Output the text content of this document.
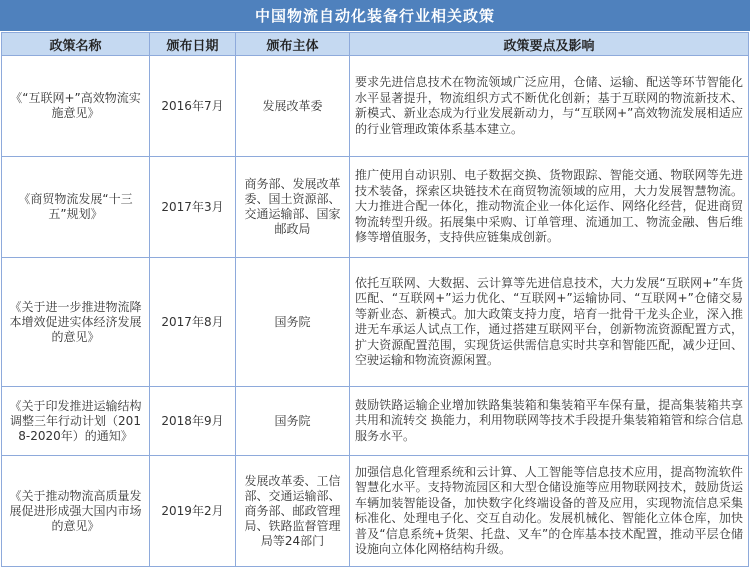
中国物流自动化装备行业相关政策
政策名称	颁布日期	颁布主体	政策要点及影响
《“互联网+”高效物流实施意见》	2016年7月	发展改革委	要求先进信息技术在物流领域广泛应用，仓储、运输、配送等环节智能化水平显著提升，物流组织方式不断优化创新；基于互联网的物流新技术、新模式、新业态成为行业发展新动力，与“互联网+”高效物流发展相适应的行业管理政策体系基本建立。
《商贸物流发展“十三五”规划》	2017年3月	商务部、发展改革委、国土资源部、交通运输部、国家邮政局	推广使用自动识别、电子数据交换、货物跟踪、智能交通、物联网等先进技术装备，探索区块链技术在商贸物流领域的应用，大力发展智慧物流。大力推进合配一体化，推动物流企业一体化运作、网络化经营，促进商贸物流转型升级。拓展集中采购、订单管理、流通加工、物流金融、售后维修等增值服务，支持供应链集成创新。
《关于进一步推进物流降本增效促进实体经济发展的意见》	2017年8月	国务院	依托互联网、大数据、云计算等先进信息技术，大力发展“互联网+”车货匹配、“互联网+”运力优化、“互联网+”运输协同、“互联网+”仓储交易等新业态、新模式。加大政策支持力度，培育一批骨干龙头企业，深入推进无车承运人试点工作，通过搭建互联网平台，创新物流资源配置方式，扩大资源配置范围，实现货运供需信息实时共享和智能匹配，减少迂回、空驶运输和物流资源闲置。
《关于印发推进运输结构调整三年行动计划（2018-2020年）的通知》	2018年9月	国务院	鼓励铁路运输企业增加铁路集装箱和集装箱平车保有量，提高集装箱共享共用和流转交 换能力，利用物联网等技术手段提升集装箱箱管和综合信息服务水平。
《关于推动物流高质量发展促进形成强大国内市场的意见》	2019年2月	发展改革委、工信部、交通运输部、商务部、邮政管理局、铁路监督管理局等24部门	加强信息化管理系统和云计算、人工智能等信息技术应用，提高物流软件智慧化水平。支持物流园区和大型仓储设施等应用物联网技术，鼓励货运车辆加装智能设备，加快数字化终端设备的普及应用，实现物流信息采集标准化、处理电子化、交互自动化。发展机械化、智能化立体仓库，加快普及“信息系统+货架、托盘、叉车”的仓库基本技术配置，推动平层仓储设施向立体化网格结构升级。
